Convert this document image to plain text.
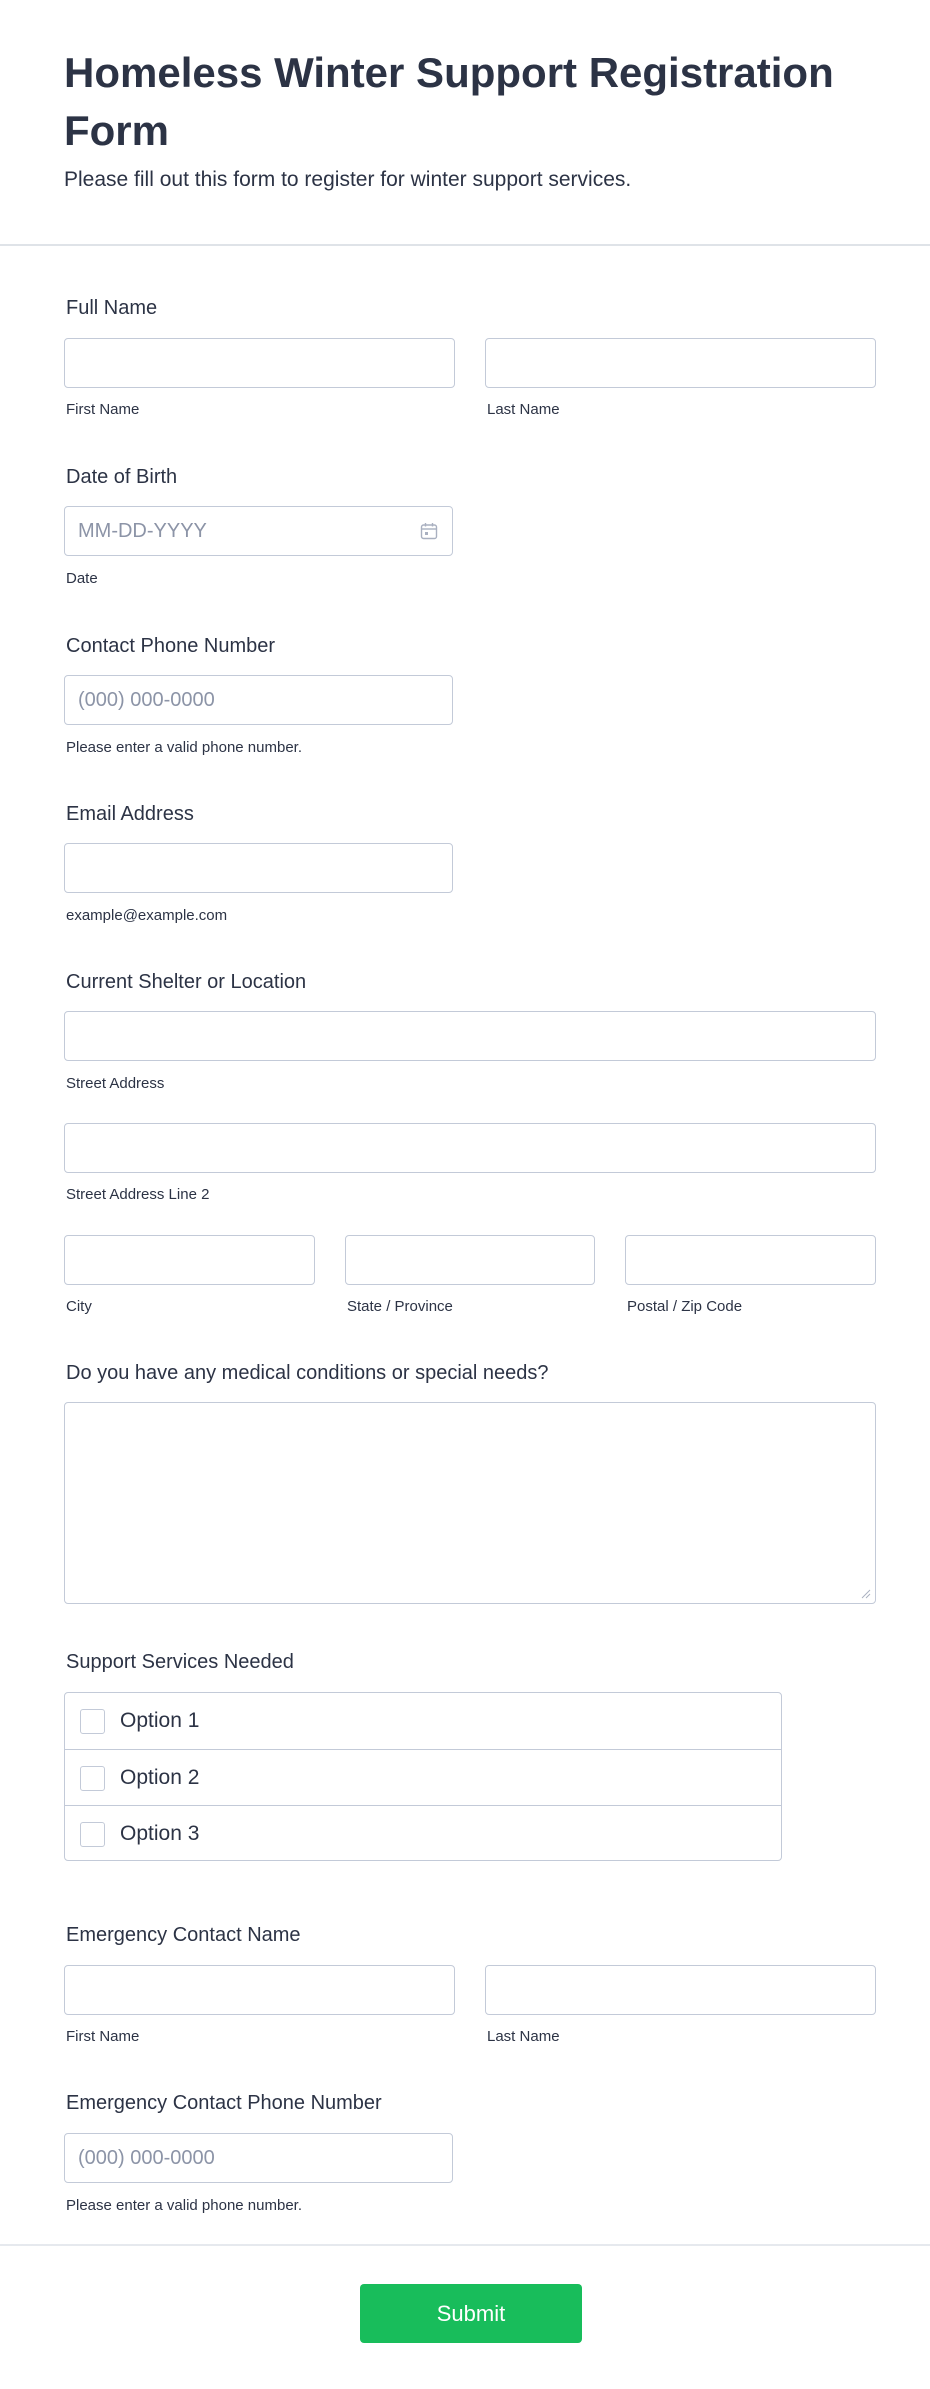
Homeless Winter Support Registration Form
Please fill out this form to register for winter support services.
Full Name
First Name	Last Name
Date of Birth
MM-DD-YYYY
Date
Contact Phone Number
(000) 000-0000
Please enter a valid phone number.
Email Address
example@example.com
Current Shelter or Location
Street Address
Street Address Line 2
City	State / Province	Postal / Zip Code
Do you have any medical conditions or special needs?
Support Services Needed
Option 1
Option 2
Option 3
Emergency Contact Name
First Name	Last Name
Emergency Contact Phone Number
(000) 000-0000
Please enter a valid phone number.
Submit
